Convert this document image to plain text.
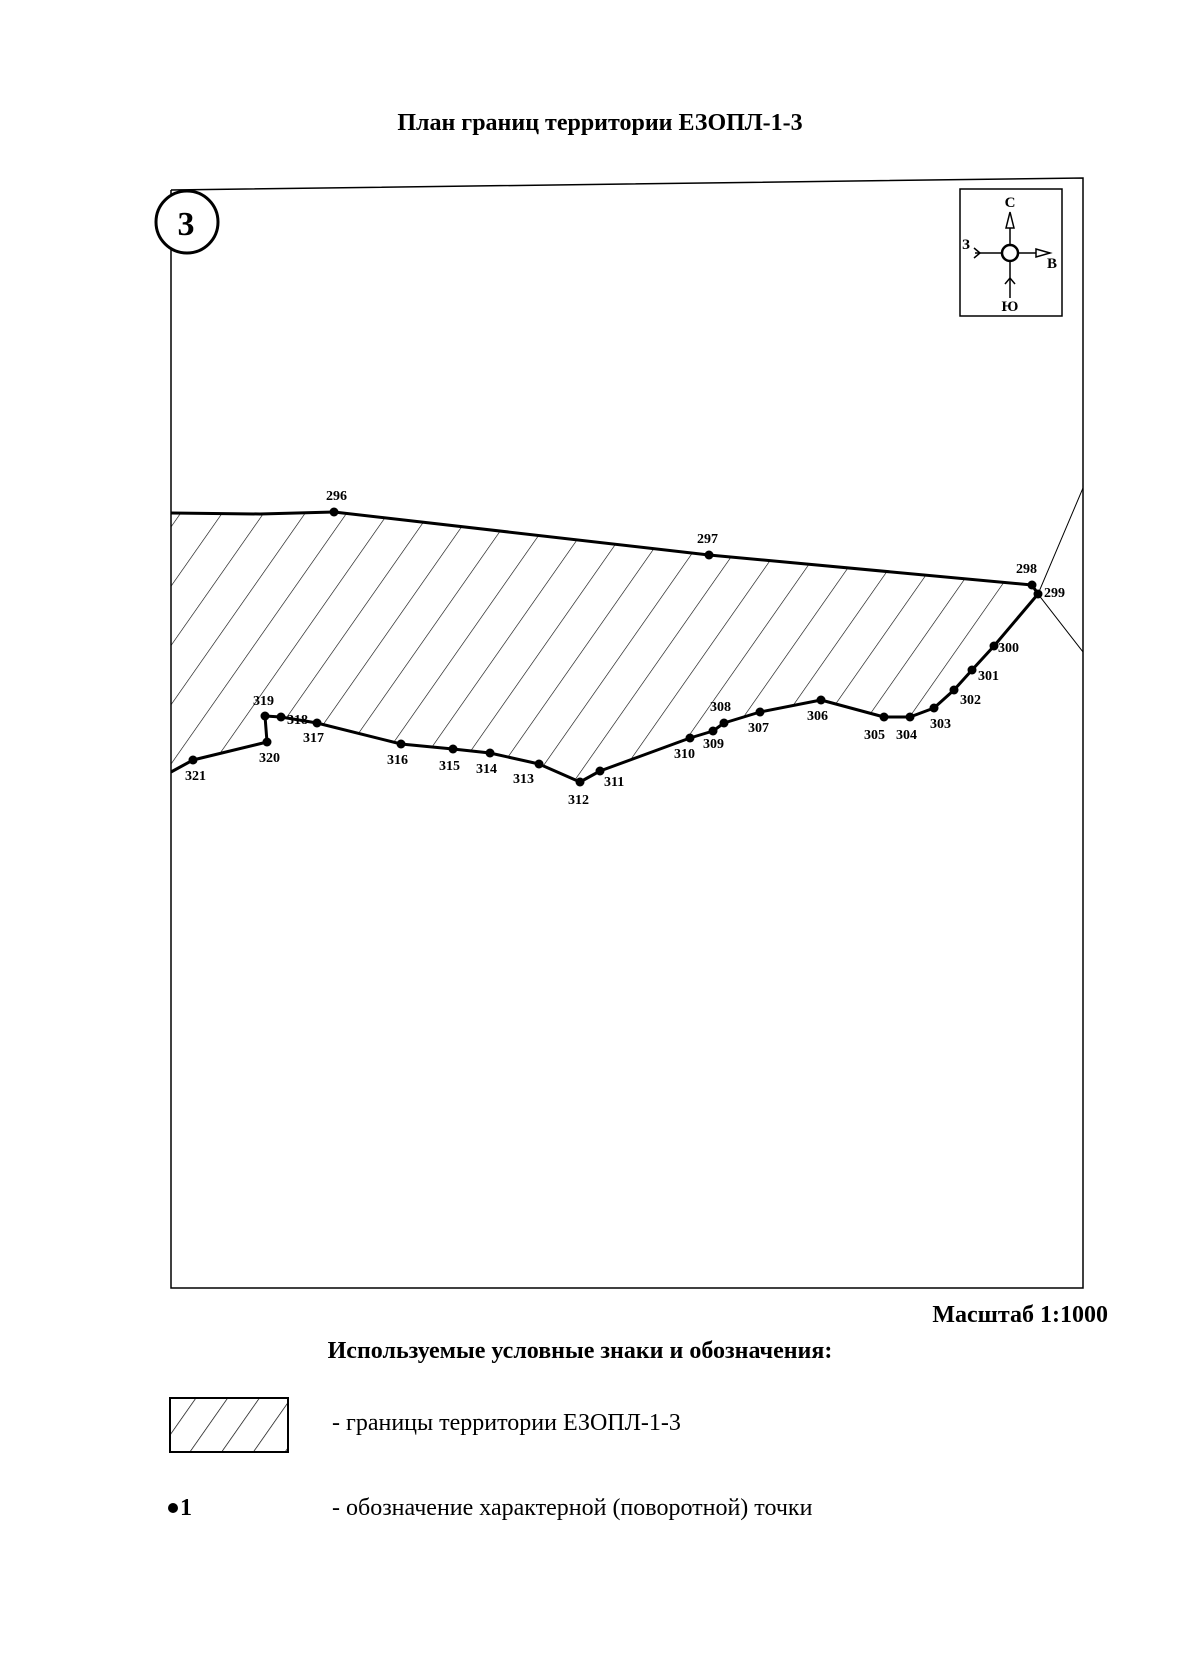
План границ территории ЕЗОПЛ-1-3
3
С
Ю
З
В
296
297
298
299
300
301
302
303
304
305
306
307
308
309
310
311
312
313
314
315
316
317
318
319
320
321
Масштаб 1:1000
Используемые условные знаки и обозначения:
- границы территории ЕЗОПЛ-1-3
1	- обозначение характерной (поворотной) точки
